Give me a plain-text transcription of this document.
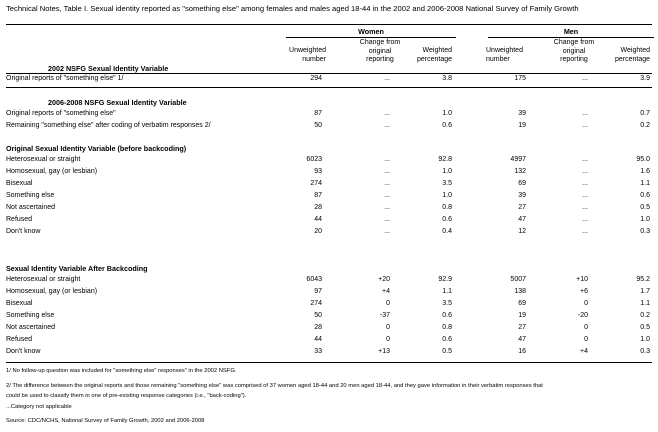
Technical Notes, Table I. Sexual identity reported as "something else" among females and males aged 18-44 in the 2002 and 2006-2008 National Survey of Family Growth
Women	Men
Unweighted
number
Change from
original
reporting
Weighted
percentage
Unweighted
number
Change from
original
reporting
Weighted
percentage
2002 NSFG Sexual Identity Variable
Original reports of "something else" 1/	294	...	3.8	175	...	3.9
2006-2008 NSFG Sexual Identity Variable
Original reports of "something else"	87	...	1.0	39	...	0.7
Remaining "something else" after coding of verbatim responses 2/	50	...	0.6	19	...	0.2
Original Sexual Identity Variable (before backcoding)
Heterosexual or straight	6023	...	92.8	4997	...	95.0
Homosexual, gay (or lesbian)	93	...	1.0	132	...	1.6
Bisexual	274	...	3.5	69	...	1.1
Something else	87	...	1.0	39	...	0.6
Not ascertained	28	...	0.8	27	...	0.5
Refused	44	...	0.6	47	...	1.0
Don't know	20	...	0.4	12	...	0.3
Sexual Identity Variable After Backcoding
Heterosexual or straight	6043	+20	92.9	5007	+10	95.2
Homosexual, gay (or lesbian)	97	+4	1.1	138	+6	1.7
Bisexual	274	0	3.5	69	0	1.1
Something else	50	-37	0.6	19	-20	0.2
Not ascertained	28	0	0.8	27	0	0.5
Refused	44	0	0.6	47	0	1.0
Don't know	33	+13	0.5	16	+4	0.3
1/ No follow-up question was included for "something else" responses" in the 2002 NSFG.
2/ The difference between the original reports and those remaining "something else" was comprised of 37 women aged 18-44 and 20 men aged 18-44, and they gave information in their verbatim responses that
could be used to classify them in one of pre-existing response categories (i.e., "back-coding").
...Category not applicable
Source: CDC/NCHS, National Survey of Family Growth, 2002 and 2006-2008
